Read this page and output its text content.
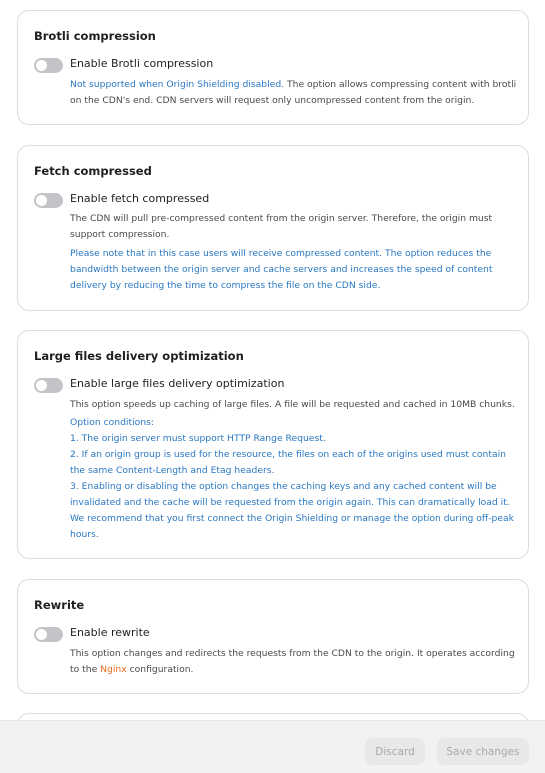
Brotli compression
Enable Brotli compression
Not supported when Origin Shielding disabled. The option allows compressing content with brotli on the CDN's end. CDN servers will request only uncompressed content from the origin.
Fetch compressed
Enable fetch compressed
The CDN will pull pre-compressed content from the origin server. Therefore, the origin must support compression.
Please note that in this case users will receive compressed content. The option reduces the bandwidth between the origin server and cache servers and increases the speed of content delivery by reducing the time to compress the file on the CDN side.
Large files delivery optimization
Enable large files delivery optimization
This option speeds up caching of large files. A file will be requested and cached in 10MB chunks.
Option conditions:
1. The origin server must support HTTP Range Request.
2. If an origin group is used for the resource, the files on each of the origins used must contain the same Content-Length and Etag headers.
3. Enabling or disabling the option changes the caching keys and any cached content will be invalidated and the cache will be requested from the origin again. This can dramatically load it. We recommend that you first connect the Origin Shielding or manage the option during off-peak hours.
Rewrite
Enable rewrite
This option changes and redirects the requests from the CDN to the origin. It operates according to the Nginx configuration.
Discard	Save changes
